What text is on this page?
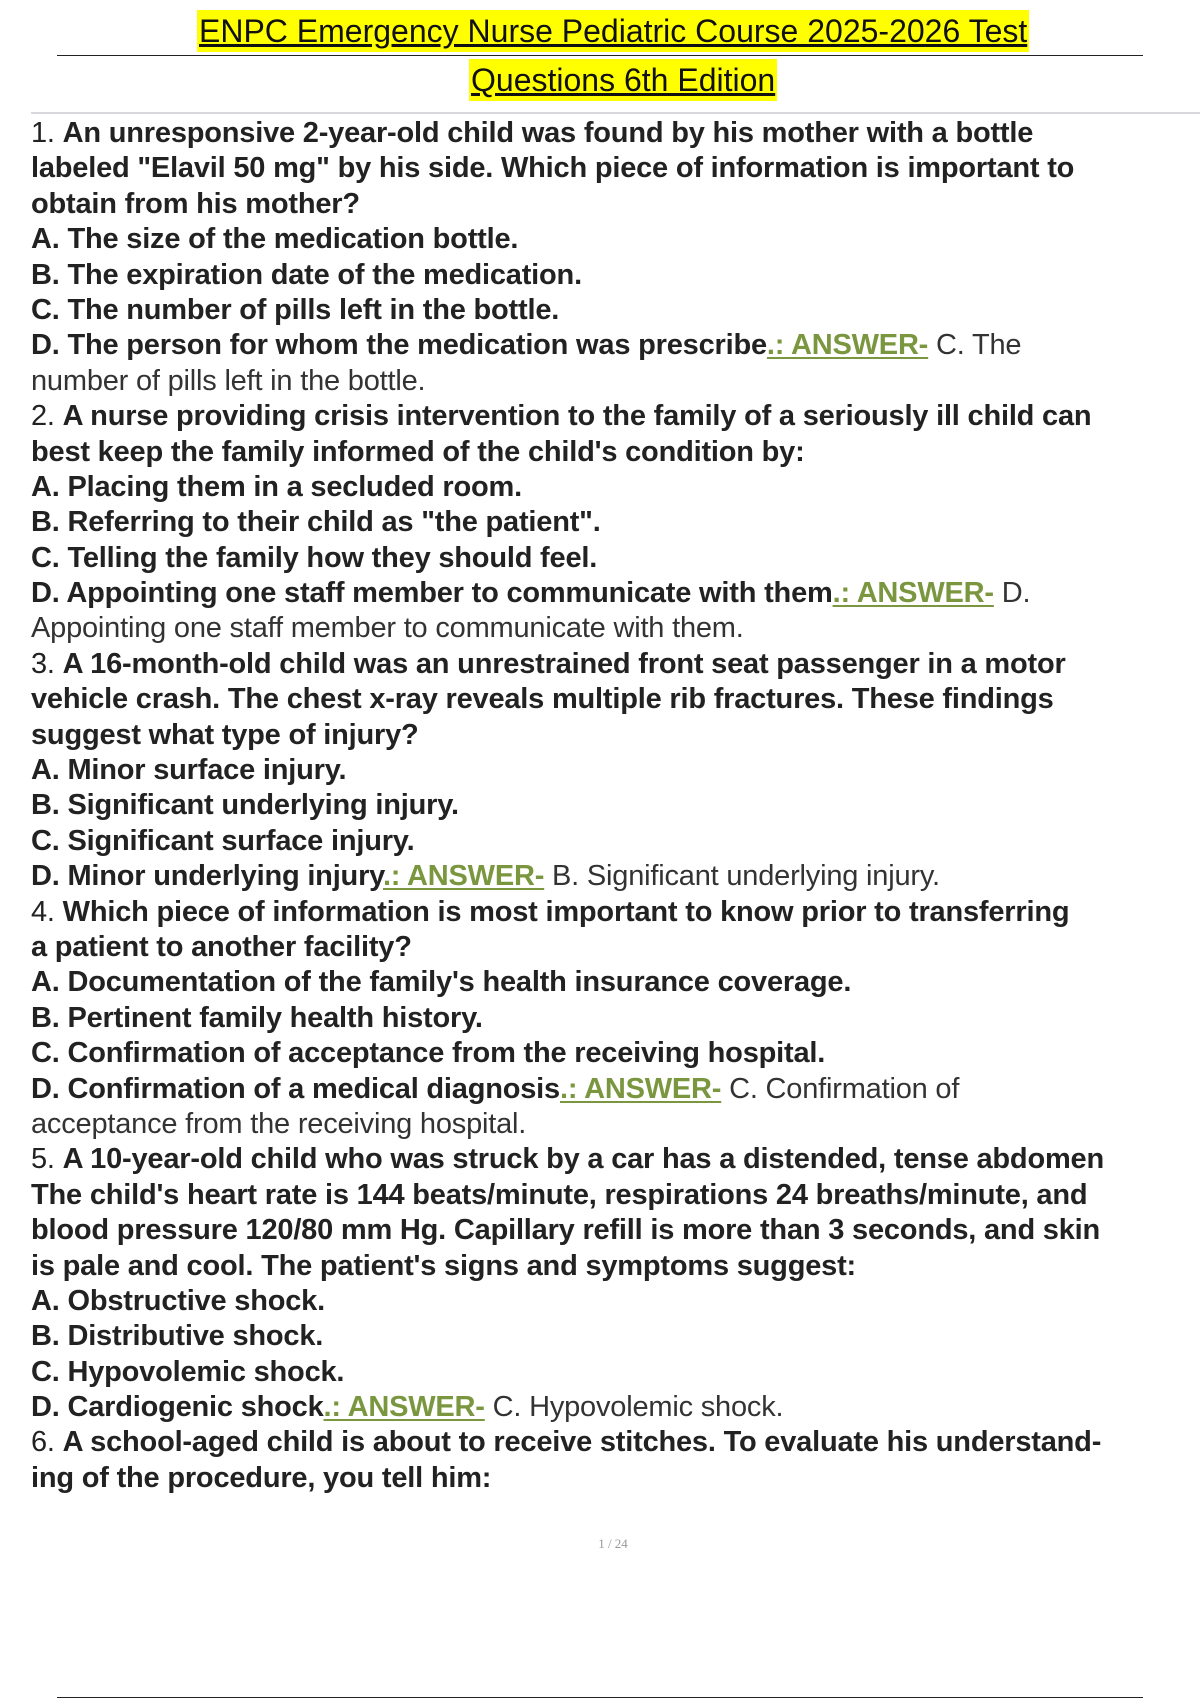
ENPC Emergency Nurse Pediatric Course 2025-2026 Test
Questions 6th Edition
1. An unresponsive 2-year-old child was found by his mother with a bottle
labeled "Elavil 50 mg" by his side. Which piece of information is important to
obtain from his mother?
A. The size of the medication bottle.
B. The expiration date of the medication.
C. The number of pills left in the bottle.
D. The person for whom the medication was prescribe.: ANSWER- C. The
number of pills left in the bottle.
2. A nurse providing crisis intervention to the family of a seriously ill child can
best keep the family informed of the child's condition by:
A. Placing them in a secluded room.
B. Referring to their child as "the patient".
C. Telling the family how they should feel.
D. Appointing one staff member to communicate with them.: ANSWER- D.
Appointing one staff member to communicate with them.
3. A 16-month-old child was an unrestrained front seat passenger in a motor
vehicle crash. The chest x-ray reveals multiple rib fractures. These findings
suggest what type of injury?
A. Minor surface injury.
B. Significant underlying injury.
C. Significant surface injury.
D. Minor underlying injury.: ANSWER- B. Significant underlying injury.
4. Which piece of information is most important to know prior to transferring
a patient to another facility?
A. Documentation of the family's health insurance coverage.
B. Pertinent family health history.
C. Confirmation of acceptance from the receiving hospital.
D. Confirmation of a medical diagnosis.: ANSWER- C. Confirmation of
acceptance from the receiving hospital.
5. A 10-year-old child who was struck by a car has a distended, tense abdomen
The child's heart rate is 144 beats/minute, respirations 24 breaths/minute, and
blood pressure 120/80 mm Hg. Capillary refill is more than 3 seconds, and skin
is pale and cool. The patient's signs and symptoms suggest:
A. Obstructive shock.
B. Distributive shock.
C. Hypovolemic shock.
D. Cardiogenic shock.: ANSWER- C. Hypovolemic shock.
6. A school-aged child is about to receive stitches. To evaluate his understand-
ing of the procedure, you tell him:
1 / 24
